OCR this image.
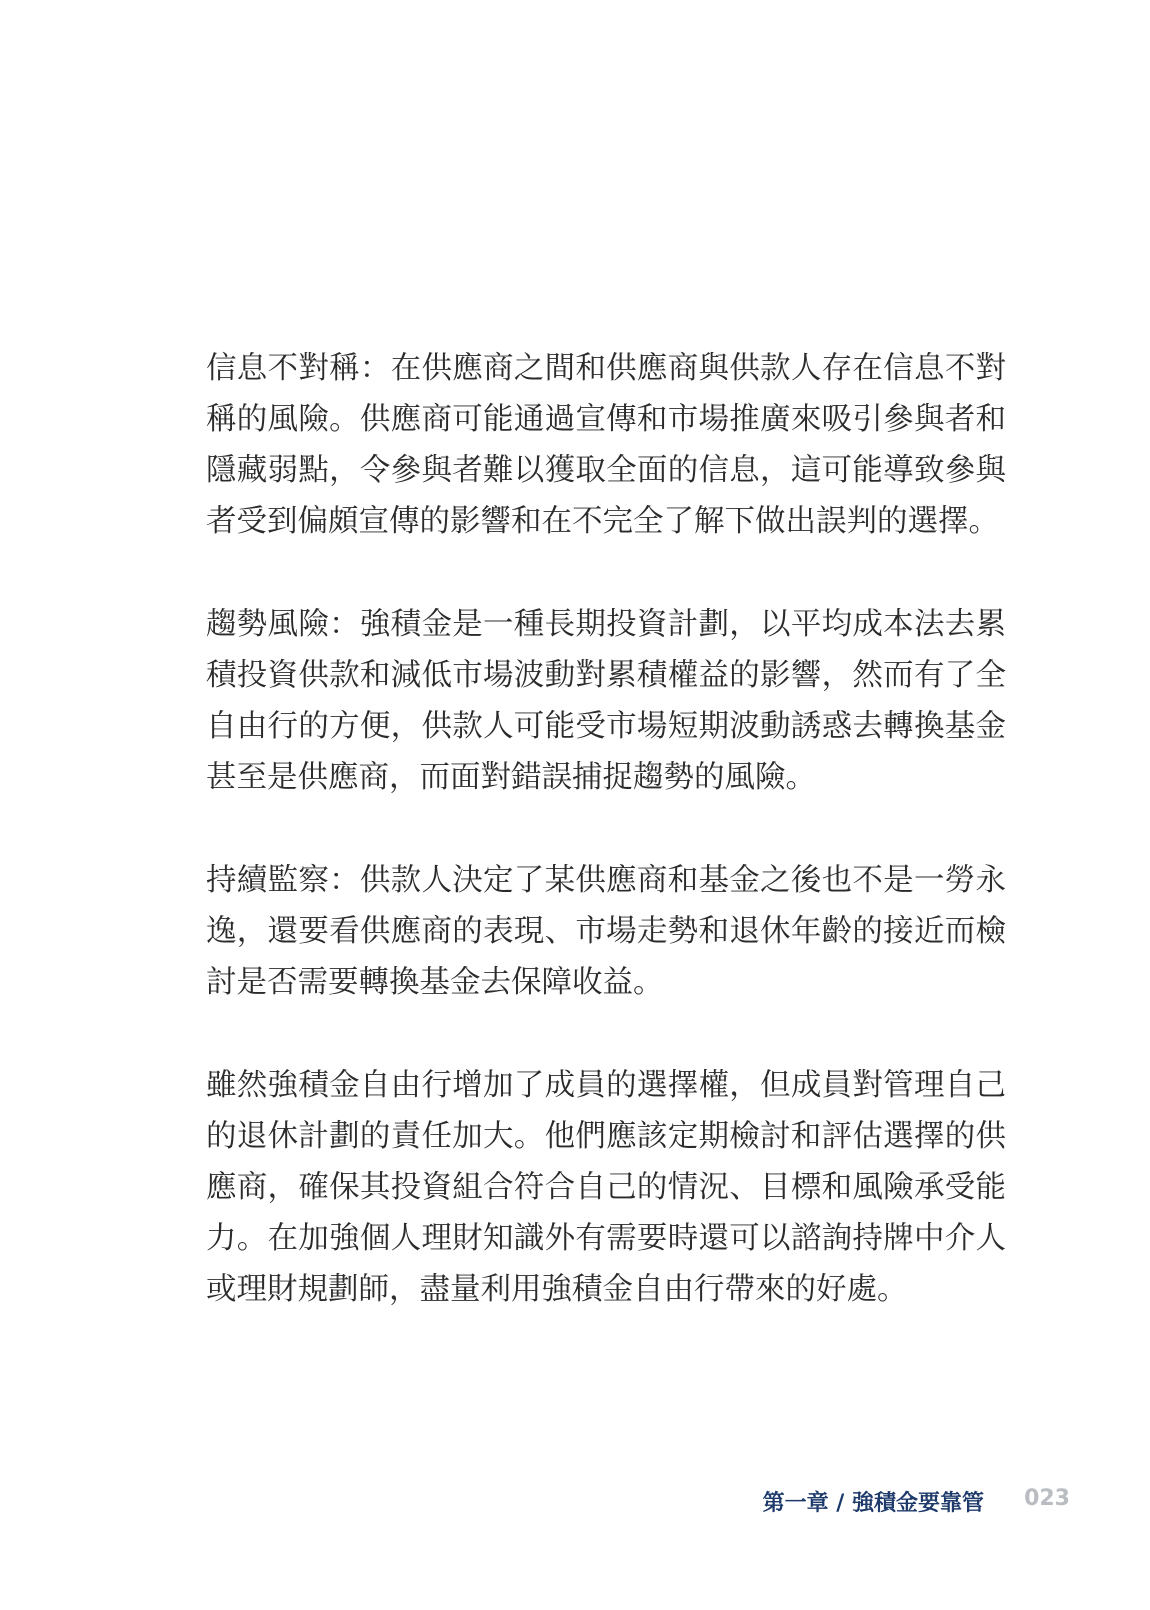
信息不對稱：在供應商之間和供應商與供款人存在信息不對稱的風險。供應商可能通過宣傳和市場推廣來吸引參與者和隱藏弱點，令參與者難以獲取全面的信息，這可能導致參與者受到偏頗宣傳的影響和在不完全了解下做出誤判的選擇。

趨勢風險：強積金是一種長期投資計劃，以平均成本法去累積投資供款和減低市場波動對累積權益的影響，然而有了全自由行的方便，供款人可能受市場短期波動誘惑去轉換基金甚至是供應商，而面對錯誤捕捉趨勢的風險。

持續監察：供款人決定了某供應商和基金之後也不是一勞永逸，還要看供應商的表現、市場走勢和退休年齡的接近而檢討是否需要轉換基金去保障收益。

雖然強積金自由行增加了成員的選擇權，但成員對管理自己的退休計劃的責任加大。他們應該定期檢討和評估選擇的供應商，確保其投資組合符合自己的情況、目標和風險承受能力。在加強個人理財知識外有需要時還可以諮詢持牌中介人或理財規劃師，盡量利用強積金自由行帶來的好處。

第一章 / 強積金要靠管 023
